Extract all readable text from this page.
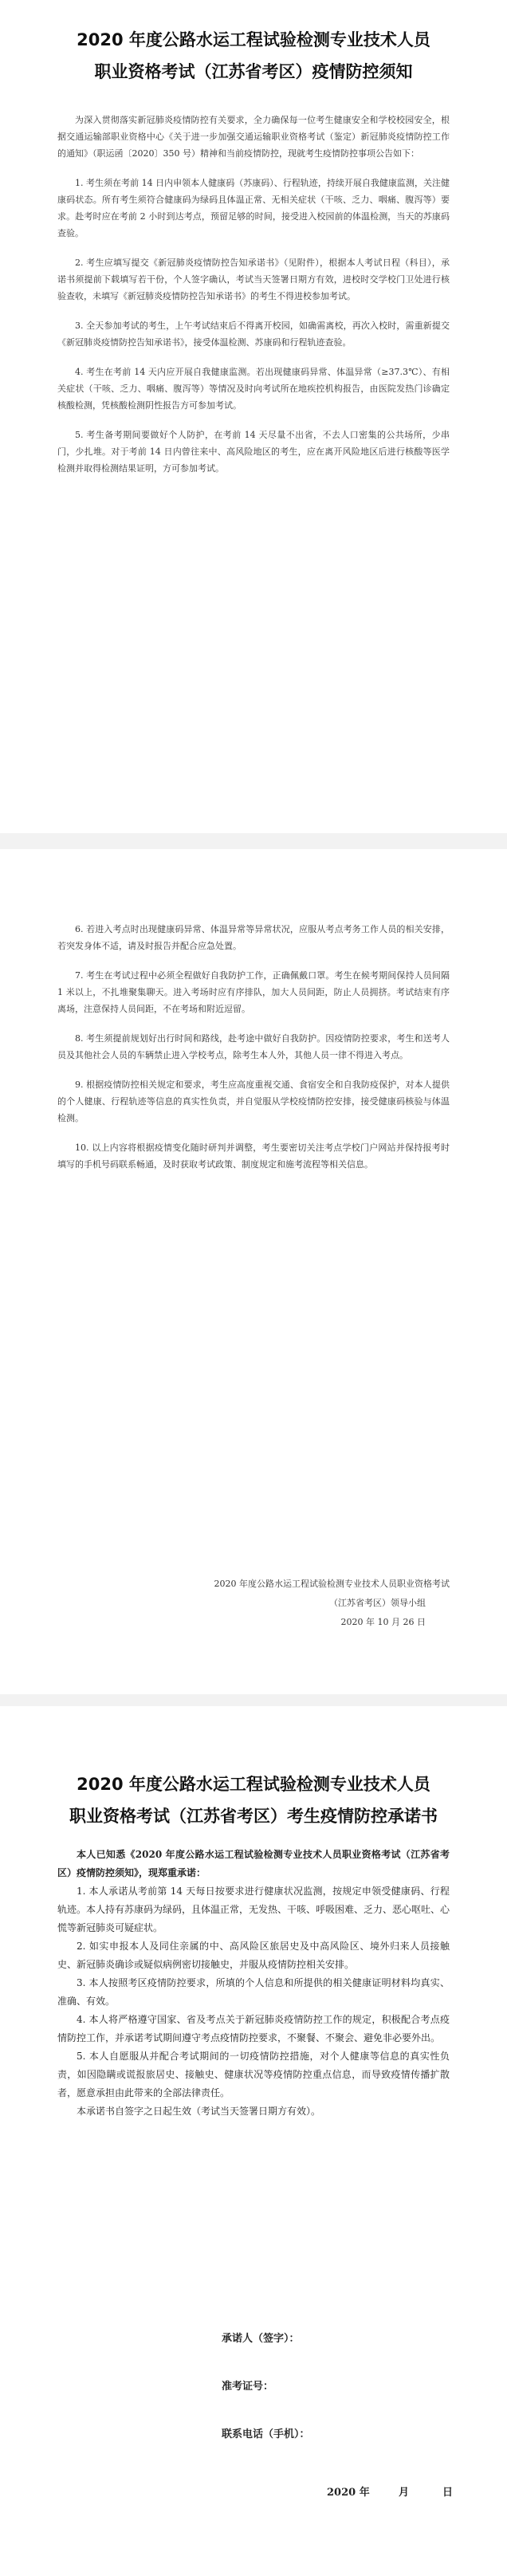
2020 年度公路水运工程试验检测专业技术人员
职业资格考试（江苏省考区）疫情防控须知

为深入贯彻落实新冠肺炎疫情防控有关要求，全力确保每一位考生健康安全和学校校园安全，根据交通运输部职业资格中心《关于进一步加强交通运输职业资格考试（鉴定）新冠肺炎疫情防控工作的通知》（职运函〔2020〕350 号）精神和当前疫情防控，现就考生疫情防控事项公告如下：

1. 考生须在考前 14 日内申领本人健康码（苏康码）、行程轨迹，持续开展自我健康监测，关注健康码状态。所有考生须符合健康码为绿码且体温正常、无相关症状（干咳、乏力、咽痛、腹泻等）要求。赴考时应在考前 2 小时到达考点，预留足够的时间，接受进入校园前的体温检测，当天的苏康码查验。

2. 考生应填写提交《新冠肺炎疫情防控告知承诺书》（见附件），根据本人考试日程（科目），承诺书须提前下载填写若干份，个人签字确认，考试当天签署日期方有效，进校时交学校门卫处进行核验查收，未填写《新冠肺炎疫情防控告知承诺书》的考生不得进校参加考试。

3. 全天参加考试的考生，上午考试结束后不得离开校园，如确需离校，再次入校时，需重新提交《新冠肺炎疫情防控告知承诺书》，接受体温检测、苏康码和行程轨迹查验。

4. 考生在考前 14 天内应开展自我健康监测。若出现健康码异常、体温异常（≥37.3℃）、有相关症状（干咳、乏力、咽痛、腹泻等）等情况及时向考试所在地疾控机构报告，由医院发热门诊确定核酸检测，凭核酸检测阴性报告方可参加考试。

5. 考生备考期间要做好个人防护，在考前 14 天尽量不出省，不去人口密集的公共场所，少串门，少扎堆。对于考前 14 日内曾往来中、高风险地区的考生，应在离开风险地区后进行核酸等医学检测并取得检测结果证明，方可参加考试。

6. 若进入考点时出现健康码异常、体温异常等异常状况，应服从考点考务工作人员的相关安排，若突发身体不适，请及时报告并配合应急处置。

7. 考生在考试过程中必须全程做好自我防护工作，正确佩戴口罩。考生在候考期间保持人员间隔 1 米以上，不扎堆聚集聊天。进入考场时应有序排队，加大人员间距，防止人员拥挤。考试结束有序离场，注意保持人员间距，不在考场和附近逗留。

8. 考生须提前规划好出行时间和路线，赴考途中做好自我防护。因疫情防控要求，考生和送考人员及其他社会人员的车辆禁止进入学校考点，除考生本人外，其他人员一律不得进入考点。

9. 根据疫情防控相关规定和要求，考生应高度重视交通、食宿安全和自我防疫保护，对本人提供的个人健康、行程轨迹等信息的真实性负责，并自觉服从学校疫情防控安排，接受健康码核验与体温检测。

10. 以上内容将根据疫情变化随时研判并调整，考生要密切关注考点学校门户网站并保持报考时填写的手机号码联系畅通，及时获取考试政策、制度规定和施考流程等相关信息。

2020 年度公路水运工程试验检测专业技术人员职业资格考试
（江苏省考区）领导小组
2020 年 10 月 26 日
2020 年度公路水运工程试验检测专业技术人员
职业资格考试（江苏省考区）考生疫情防控承诺书

本人已知悉《2020 年度公路水运工程试验检测专业技术人员职业资格考试（江苏省考区）疫情防控须知》，现郑重承诺：

1. 本人承诺从考前第 14 天每日按要求进行健康状况监测，按规定申领受健康码、行程轨迹。本人持有苏康码为绿码，且体温正常，无发热、干咳、呼吸困难、乏力、恶心呕吐、心慌等新冠肺炎可疑症状。

2. 如实申报本人及同住亲属的中、高风险区旅居史及中高风险区、境外归来人员接触史、新冠肺炎确诊或疑似病例密切接触史，并服从疫情防控相关安排。

3. 本人按照考区疫情防控要求，所填的个人信息和所提供的相关健康证明材料均真实、准确、有效。

4. 本人将严格遵守国家、省及考点关于新冠肺炎疫情防控工作的规定，积极配合考点疫情防控工作，并承诺考试期间遵守考点疫情防控要求，不聚餐、不聚会、避免非必要外出。

5. 本人自愿服从并配合考试期间的一切疫情防控措施，对个人健康等信息的真实性负责，如因隐瞒或谎报旅居史、接触史、健康状况等疫情防控重点信息，而导致疫情传播扩散者，愿意承担由此带来的全部法律责任。

本承诺书自签字之日起生效（考试当天签署日期方有效）。

承诺人（签字）：
准考证号：
联系电话（手机）：
2020 年	月	日
